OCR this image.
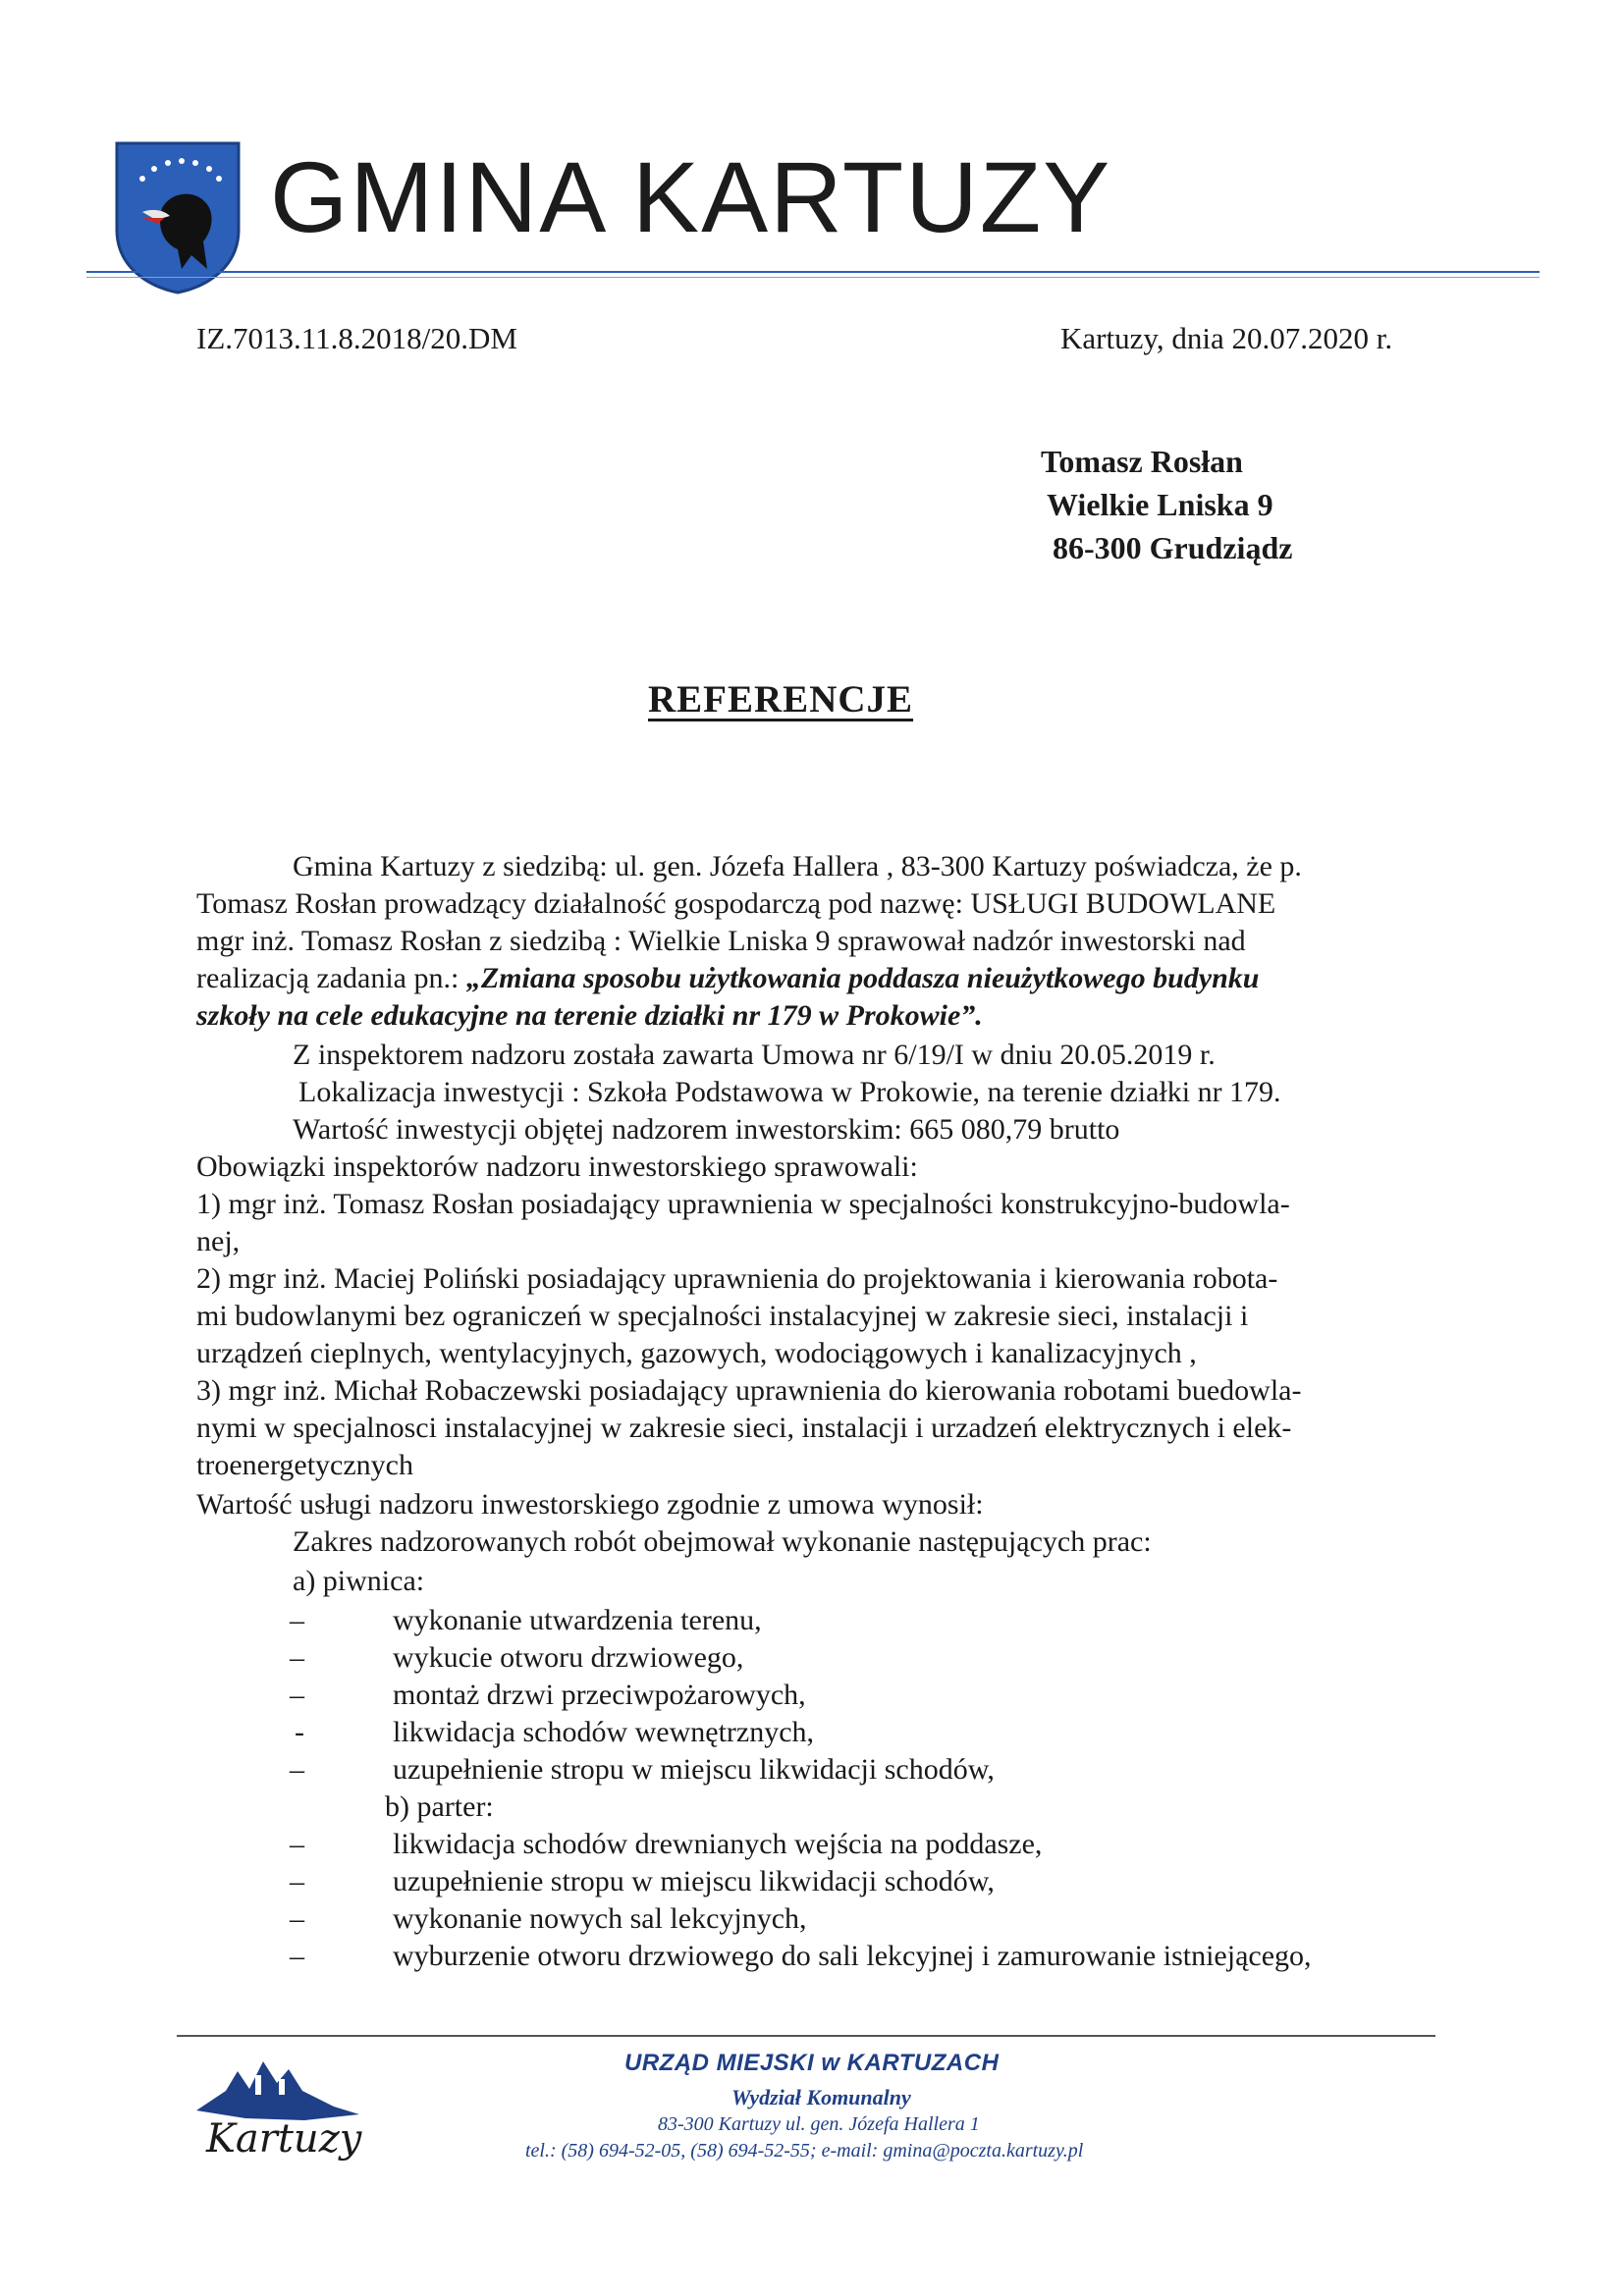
GMINA KARTUZY
IZ.7013.11.8.2018/20.DM	Kartuzy, dnia 20.07.2020 r.
Tomasz Rosłan
Wielkie Lniska 9
86-300 Grudziądz
REFERENCJE
Gmina Kartuzy z siedzibą: ul. gen. Józefa Hallera , 83-300 Kartuzy poświadcza, że p.
Tomasz Rosłan prowadzący działalność gospodarczą pod nazwę: USŁUGI BUDOWLANE
mgr inż. Tomasz Rosłan z siedzibą : Wielkie Lniska 9 sprawował nadzór inwestorski nad
realizacją zadania pn.: „Zmiana sposobu użytkowania poddasza nieużytkowego budynku
szkoły na cele edukacyjne na terenie działki nr 179 w Prokowie”.
Z inspektorem nadzoru została zawarta Umowa nr 6/19/I w dniu 20.05.2019 r.
Lokalizacja inwestycji : Szkoła Podstawowa w Prokowie, na terenie działki nr 179.
Wartość inwestycji objętej nadzorem inwestorskim: 665 080,79 brutto
Obowiązki inspektorów nadzoru inwestorskiego sprawowali:
1) mgr inż. Tomasz Rosłan posiadający uprawnienia w specjalności konstrukcyjno-budowla-
nej,
2) mgr inż. Maciej Poliński posiadający uprawnienia do projektowania i kierowania robota-
mi budowlanymi bez ograniczeń w specjalności instalacyjnej w zakresie sieci, instalacji i
urządzeń cieplnych, wentylacyjnych, gazowych, wodociągowych i kanalizacyjnych ,
3) mgr inż. Michał Robaczewski posiadający uprawnienia do kierowania robotami buedowla-
nymi w specjalnosci instalacyjnej w zakresie sieci, instalacji i urzadzeń elektrycznych i elek-
troenergetycznych
Wartość usługi nadzoru inwestorskiego zgodnie z umowa wynosił:
Zakres nadzorowanych robót obejmował wykonanie następujących prac:
a) piwnica:
–	wykonanie utwardzenia terenu,
–	wykucie otworu drzwiowego,
–	montaż drzwi przeciwpożarowych,
-	likwidacja schodów wewnętrznych,
–	uzupełnienie stropu w miejscu likwidacji schodów,
b) parter:
–	likwidacja schodów drewnianych wejścia na poddasze,
–	uzupełnienie stropu w miejscu likwidacji schodów,
–	wykonanie nowych sal lekcyjnych,
–	wyburzenie otworu drzwiowego do sali lekcyjnej i zamurowanie istniejącego,
Kartuzy
URZĄD MIEJSKI w KARTUZACH
Wydział Komunalny
83-300 Kartuzy ul. gen. Józefa Hallera 1
tel.: (58) 694-52-05, (58) 694-52-55; e-mail: gmina@poczta.kartuzy.pl
